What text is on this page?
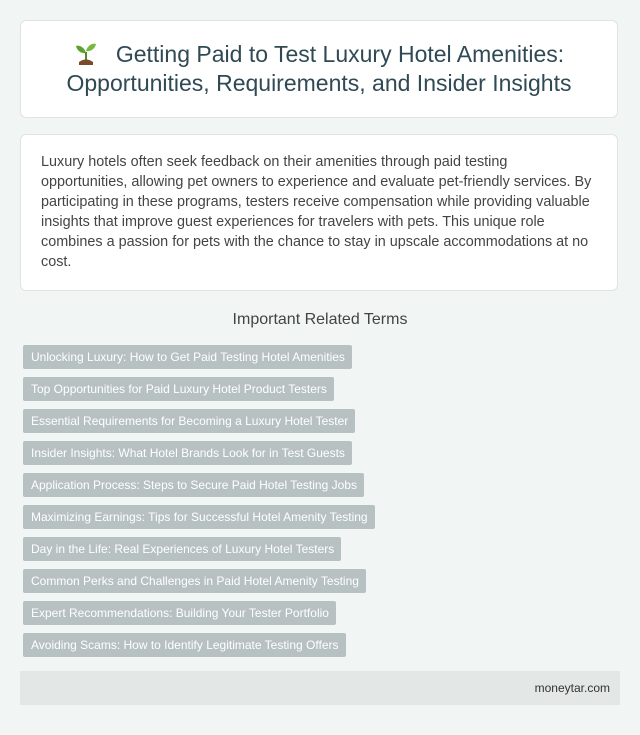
Getting Paid to Test Luxury Hotel Amenities: Opportunities, Requirements, and Insider Insights

Luxury hotels often seek feedback on their amenities through paid testing opportunities, allowing pet owners to experience and evaluate pet-friendly services. By participating in these programs, testers receive compensation while providing valuable insights that improve guest experiences for travelers with pets. This unique role combines a passion for pets with the chance to stay in upscale accommodations at no cost.

Important Related Terms
Unlocking Luxury: How to Get Paid Testing Hotel Amenities
Top Opportunities for Paid Luxury Hotel Product Testers
Essential Requirements for Becoming a Luxury Hotel Tester
Insider Insights: What Hotel Brands Look for in Test Guests
Application Process: Steps to Secure Paid Hotel Testing Jobs
Maximizing Earnings: Tips for Successful Hotel Amenity Testing
Day in the Life: Real Experiences of Luxury Hotel Testers
Common Perks and Challenges in Paid Hotel Amenity Testing
Expert Recommendations: Building Your Tester Portfolio
Avoiding Scams: How to Identify Legitimate Testing Offers
moneytar.com
